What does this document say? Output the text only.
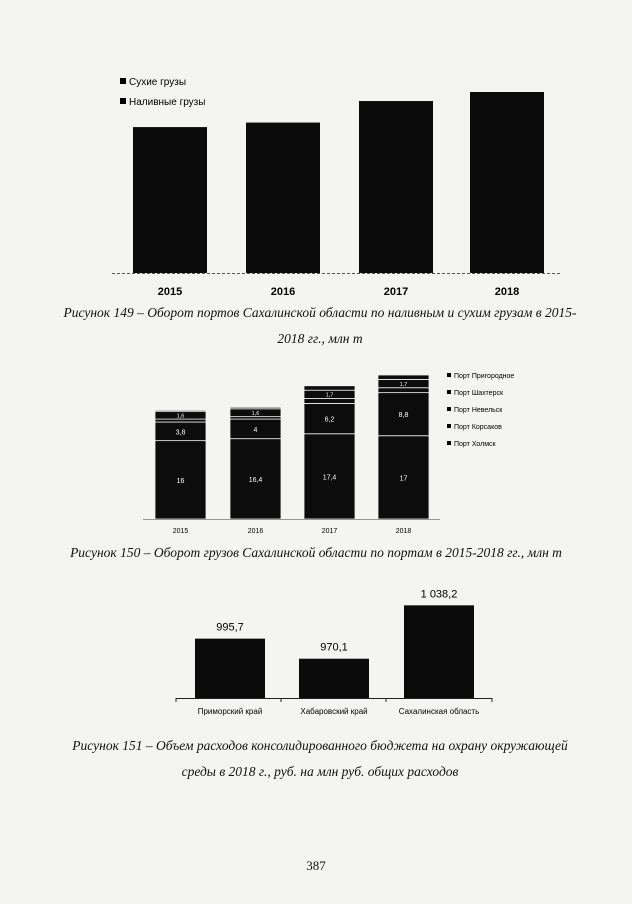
2015	2016	2017	2018
Сухие грузы
Наливные грузы
Рисунок 149 – Оборот портов Сахалинской области по наливным и сухим грузам в 2015-2018 гг., млн т
16
3,8
1,6
2015
16,4
4
1,6
2016
17,4
6,2
1,7
2017
17
8,8
1,7
2018
Порт Пригородное
Порт Шахтерск
Порт Невельск
Порт Корсаков
Порт Холмск
Рисунок 150 – Оборот грузов Сахалинской области по портам в 2015-2018 гг., млн т
995,7
Приморский край
970,1
Хабаровский край
1 038,2
Сахалинская область
Рисунок 151 – Объем расходов консолидированного бюджета на охрану окружающей среды в 2018 г., руб. на млн руб. общих расходов
387
